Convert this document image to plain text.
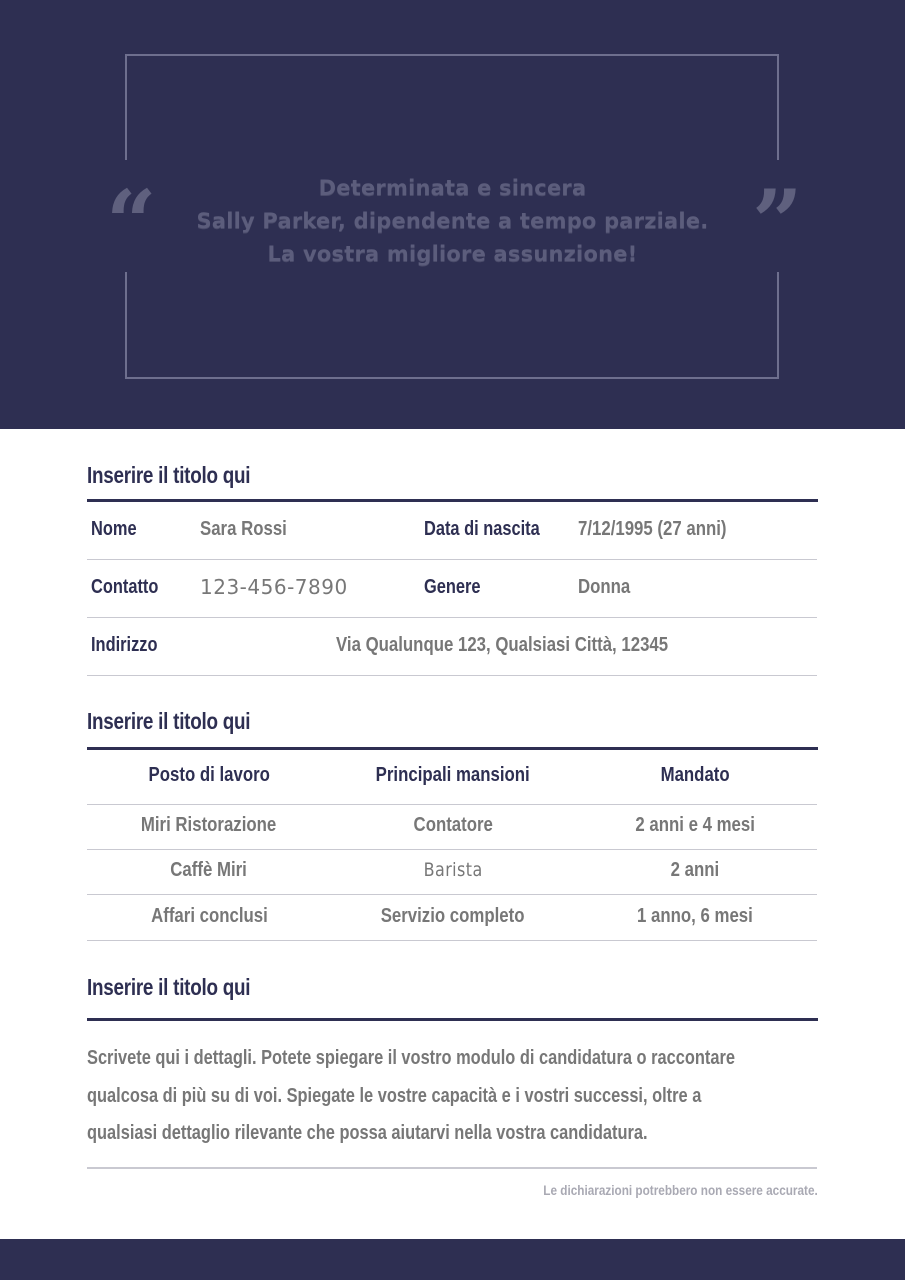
“	”
Determinata e sincera
Sally Parker, dipendente a tempo parziale.
La vostra migliore assunzione!
Inserire il titolo qui
Nome	Sara Rossi	Data di nascita 7/12/1995 (27 anni)
Contatto 123-456-7890	Genere	Donna
Indirizzo	Via Qualunque 123, Qualsiasi Città, 12345
Inserire il titolo qui
Posto di lavoro	Principali mansioni	Mandato
Miri Ristorazione	Contatore	2 anni e 4 mesi
Caffè Miri	Barista	2 anni
Affari conclusi	Servizio completo	1 anno, 6 mesi
Inserire il titolo qui
Scrivete qui i dettagli. Potete spiegare il vostro modulo di candidatura o raccontare
qualcosa di più su di voi. Spiegate le vostre capacità e i vostri successi, oltre a
qualsiasi dettaglio rilevante che possa aiutarvi nella vostra candidatura.
Le dichiarazioni potrebbero non essere accurate.
